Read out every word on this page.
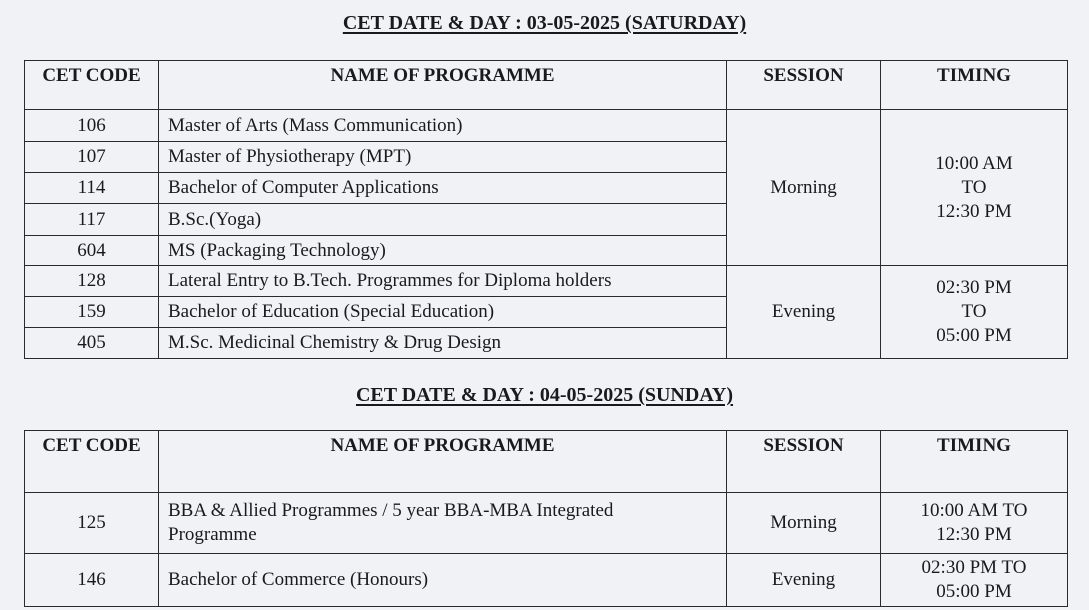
CET DATE & DAY : 03-05-2025 (SATURDAY)
CET CODE	NAME OF PROGRAMME	SESSION	TIMING
106	Master of Arts (Mass Communication)	Morning	10:00 AM
TO
12:30 PM

107	Master of Physiotherapy (MPT)		
114	Bachelor of Computer Applications		
117	B.Sc.(Yoga)		
604	MS (Packaging Technology)		
128	Lateral Entry to B.Tech. Programmes for Diploma holders	Evening	02:30 PM
TO
05:00 PM

159	Bachelor of Education (Special Education)		
405	M.Sc. Medicinal Chemistry & Drug Design		
CET DATE & DAY : 04-05-2025 (SUNDAY)
CET CODE	NAME OF PROGRAMME	SESSION	TIMING
125	BBA & Allied Programmes / 5 year BBA-MBA Integrated
Programme	Morning	10:00 AM TO
12:30 PM

146	Bachelor of Commerce (Honours)	Evening	02:30 PM TO
05:00 PM
